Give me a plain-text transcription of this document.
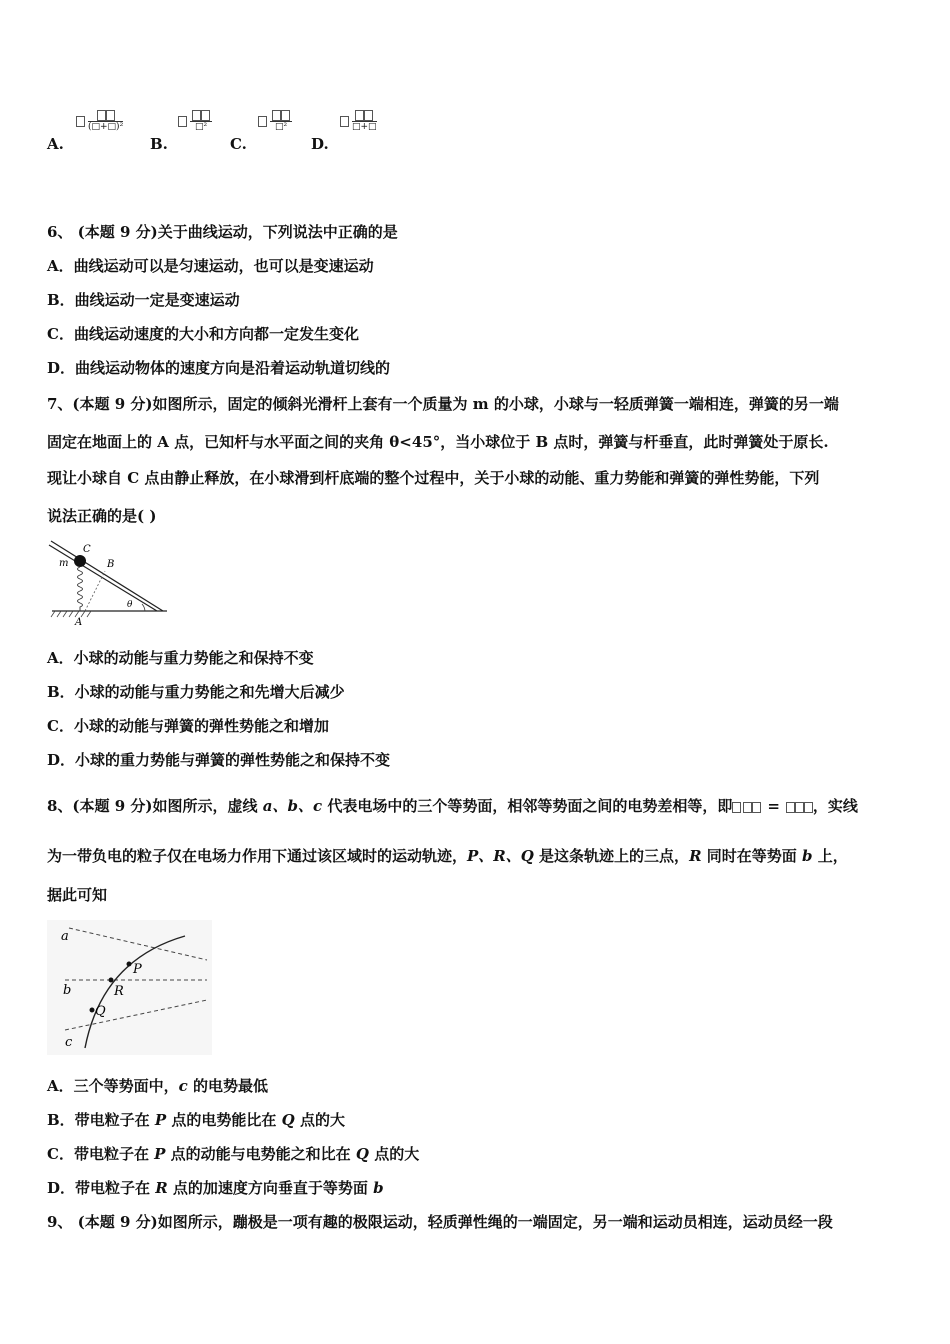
A.
(□+□)²
B.
□²
C.
□²
D.
□+□
6、 (本题 9 分)关于曲线运动，下列说法中正确的是
A．曲线运动可以是匀速运动，也可以是变速运动
B．曲线运动一定是变速运动
C．曲线运动速度的大小和方向都一定发生变化
D．曲线运动物体的速度方向是沿着运动轨道切线的
7、(本题 9 分)如图所示，固定的倾斜光滑杆上套有一个质量为 m 的小球，小球与一轻质弹簧一端相连，弹簧的另一端
固定在地面上的 A 点，已知杆与水平面之间的夹角 θ<45°，当小球位于 B 点时，弹簧与杆垂直，此时弹簧处于原长.
现让小球自 C 点由静止释放，在小球滑到杆底端的整个过程中，关于小球的动能、重力势能和弹簧的弹性势能，下列
说法正确的是( )
C
m	B
θ
A
A．小球的动能与重力势能之和保持不变
B．小球的动能与重力势能之和先增大后减少
C．小球的动能与弹簧的弹性势能之和增加
D．小球的重力势能与弹簧的弹性势能之和保持不变
8、(本题 9 分)如图所示，虚线 a、b、c 代表电场中的三个等势面，相邻等势面之间的电势差相等，即 = ，实线
为一带负电的粒子仅在电场力作用下通过该区域时的运动轨迹，P、R、Q 是这条轨迹上的三点，R 同时在等势面 b 上，
据此可知
a
b
c
P
R
Q
A．三个等势面中，c 的电势最低
B．带电粒子在 P 点的电势能比在 Q 点的大
C．带电粒子在 P 点的动能与电势能之和比在 Q 点的大
D．带电粒子在 R 点的加速度方向垂直于等势面 b
9、 (本题 9 分)如图所示，蹦极是一项有趣的极限运动，轻质弹性绳的一端固定，另一端和运动员相连，运动员经一段
